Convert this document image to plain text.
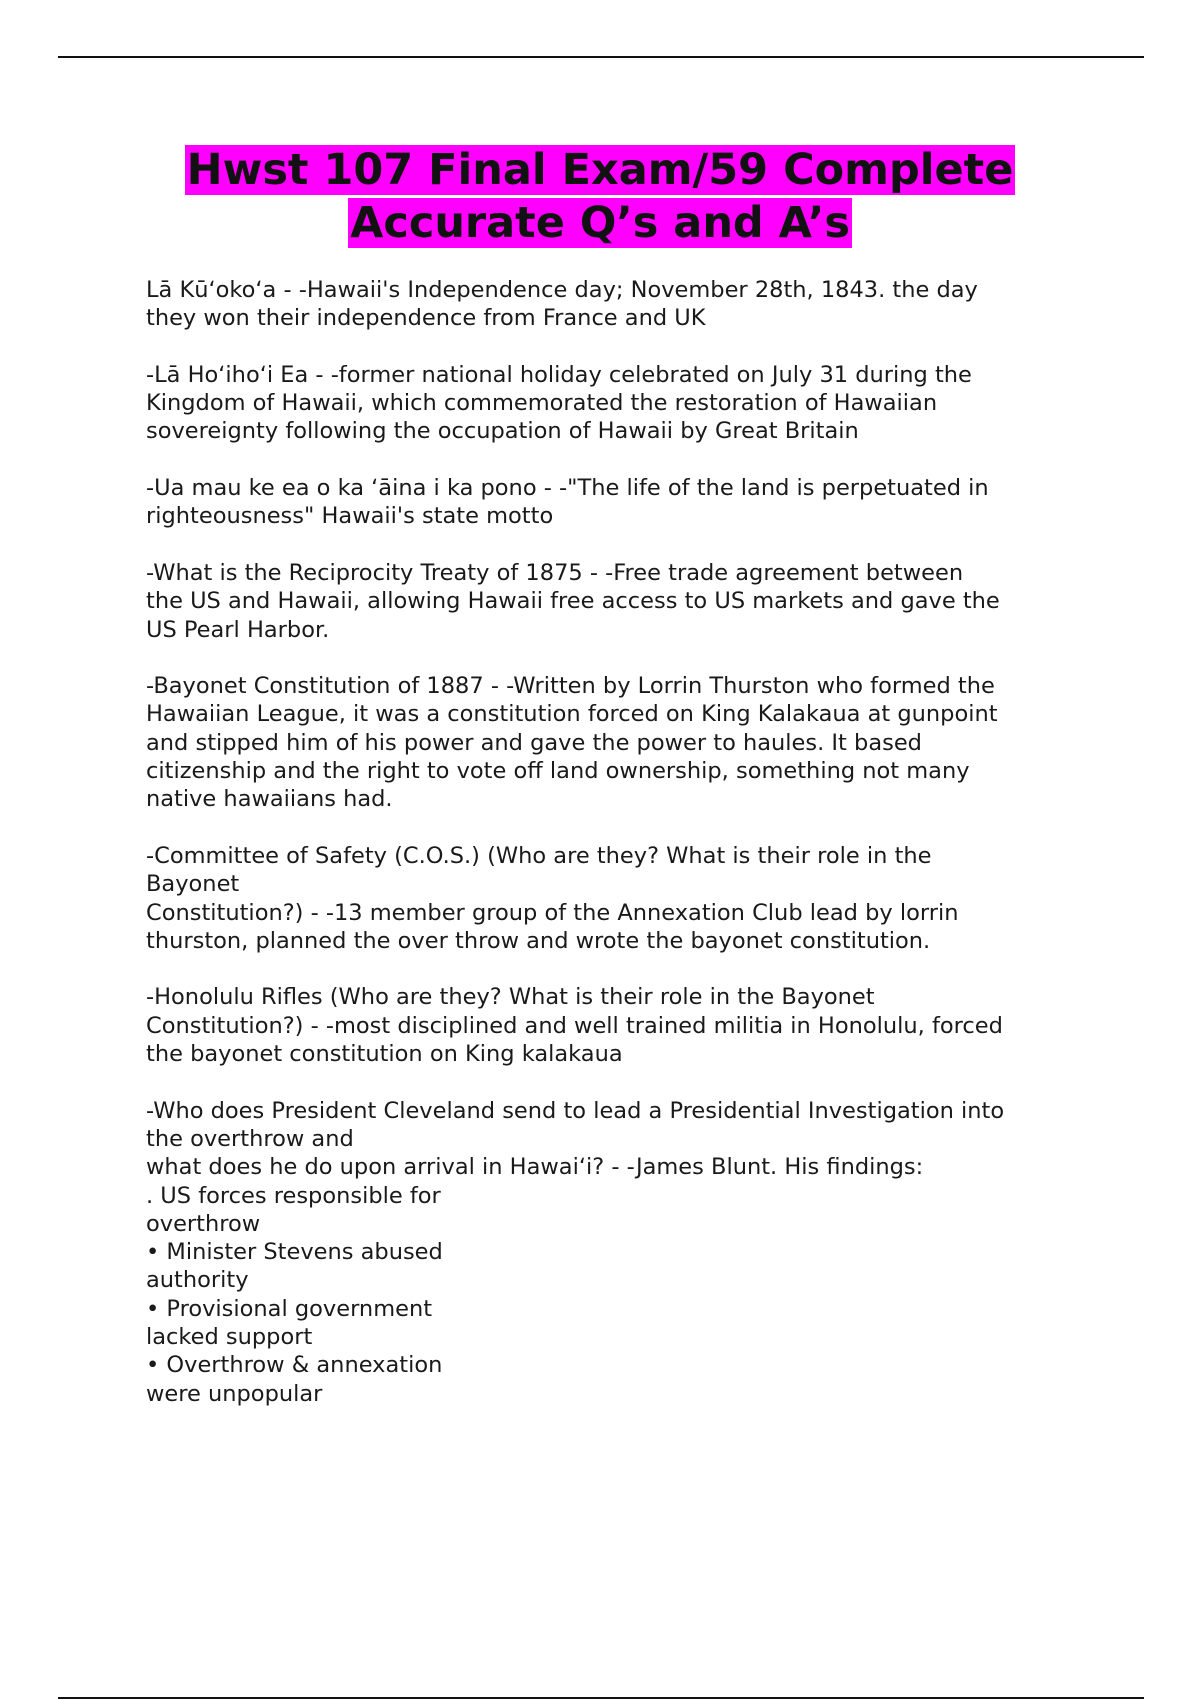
Hwst 107 Final Exam/59 Complete
Accurate Q’s and A’s

Lā Kūʻokoʻa - -Hawaii's Independence day; November 28th, 1843. the day
they won their independence from France and UK

-Lā Hoʻihoʻi Ea - -former national holiday celebrated on July 31 during the
Kingdom of Hawaii, which commemorated the restoration of Hawaiian
sovereignty following the occupation of Hawaii by Great Britain

-Ua mau ke ea o ka ʻāina i ka pono - -"The life of the land is perpetuated in
righteousness" Hawaii's state motto

-What is the Reciprocity Treaty of 1875 - -Free trade agreement between
the US and Hawaii, allowing Hawaii free access to US markets and gave the
US Pearl Harbor.

-Bayonet Constitution of 1887 - -Written by Lorrin Thurston who formed the
Hawaiian League, it was a constitution forced on King Kalakaua at gunpoint
and stipped him of his power and gave the power to haules. It based
citizenship and the right to vote off land ownership, something not many
native hawaiians had.

-Committee of Safety (C.O.S.) (Who are they? What is their role in the
Bayonet
Constitution?) - -13 member group of the Annexation Club lead by lorrin
thurston, planned the over throw and wrote the bayonet constitution.

-Honolulu Rifles (Who are they? What is their role in the Bayonet
Constitution?) - -most disciplined and well trained militia in Honolulu, forced
the bayonet constitution on King kalakaua

-Who does President Cleveland send to lead a Presidential Investigation into
the overthrow and
what does he do upon arrival in Hawaiʻi? - -James Blunt. His findings:
. US forces responsible for
overthrow
• Minister Stevens abused
authority
• Provisional government
lacked support
• Overthrow & annexation
were unpopular
